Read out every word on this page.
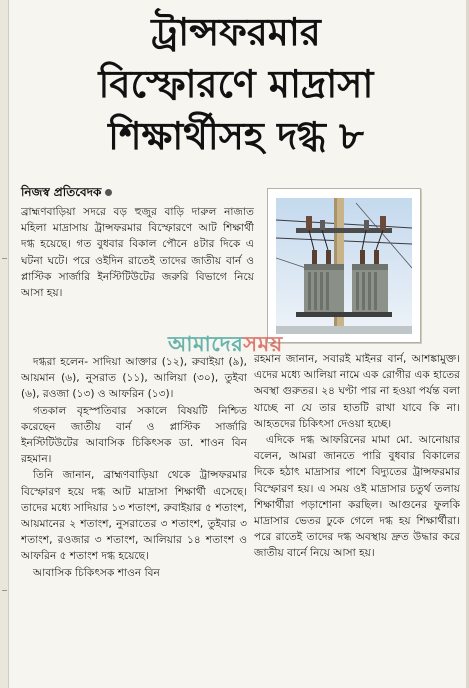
ট্রান্সফরমার
বিস্ফোরণে মাদ্রাসা
শিক্ষার্থীসহ দগ্ধ ৮
নিজস্ব প্রতিবেদক

ব্রাহ্মণবাড়িয়া সদরে বড় হুজুর বাড়ি দারুল নাজাত মহিলা মাদ্রাসায় ট্রান্সফরমার বিস্ফোরণে আট শিক্ষার্থী দগ্ধ হয়েছে। গত বুধবার বিকাল পৌনে ৪টার দিকে এ ঘটনা ঘটে। পরে ওইদিন রাতেই তাদের জাতীয় বার্ন ও প্লাস্টিক সার্জারি ইনস্টিটিউটের জরুরি বিভাগে নিয়ে আসা হয়।

দগ্ধরা হলেন- সাদিয়া আক্তার (১২), রুবাইয়া (৯), আয়মান (৬), নুসরাত (১১), আলিয়া (৩০), তুইবা (৬), রওজা (১৩) ও আফরিন (১৩)।

গতকাল বৃহস্পতিবার সকালে বিষয়টি নিশ্চিত করেছেন জাতীয় বার্ন ও প্লাস্টিক সার্জারি ইনস্টিটিউটের আবাসিক চিকিৎসক ডা. শাওন বিন রহমান।

তিনি জানান, ব্রাহ্মণবাড়িয়া থেকে ট্রান্সফরমার বিস্ফোরণ হয়ে দগ্ধ আট মাদ্রাসা শিক্ষার্থী এসেছে। তাদের মধ্যে সাদিয়ার ১৩ শতাংশ, রুবাইয়ার ৫ শতাংশ, আয়মানের ২ শতাংশ, নুসরাতের ৩ শতাংশ, তুইবার ৩ শতাংশ, রওজার ৩ শতাংশ, আলিয়ার ১৪ শতাংশ ও আফরিন ৫ শতাংশ দগ্ধ হয়েছে।

আবাসিক চিকিৎসক শাওন বিন

রহমান জানান, সবারই মাইনর বার্ন, আশঙ্কামুক্ত। এদের মধ্যে আলিয়া নামে এক রোগীর এক হাতের অবস্থা গুরুতর। ২৪ ঘণ্টা পার না হওয়া পর্যন্ত বলা যাচ্ছে না যে তার হাতটি রাখা যাবে কি না। আহতদের চিকিৎসা দেওয়া হচ্ছে।

এদিকে দগ্ধ আফরিনের মামা মো. আনোয়ার বলেন, আমরা জানতে পারি বুধবার বিকালের দিকে হঠাৎ মাদ্রাসার পাশে বিদ্যুতের ট্রান্সফরমার বিস্ফোরণ হয়। এ সময় ওই মাদ্রাসার চতুর্থ তলায় শিক্ষার্থীরা পড়াশোনা করছিল। আগুনের ফুলকি মাদ্রাসার ভেতর ঢুকে গেলে দগ্ধ হয় শিক্ষার্থীরা। পরে রাতেই তাদের দগ্ধ অবস্থায় দ্রুত উদ্ধার করে জাতীয় বার্নে নিয়ে আসা হয়।

আমাদেরসময়
